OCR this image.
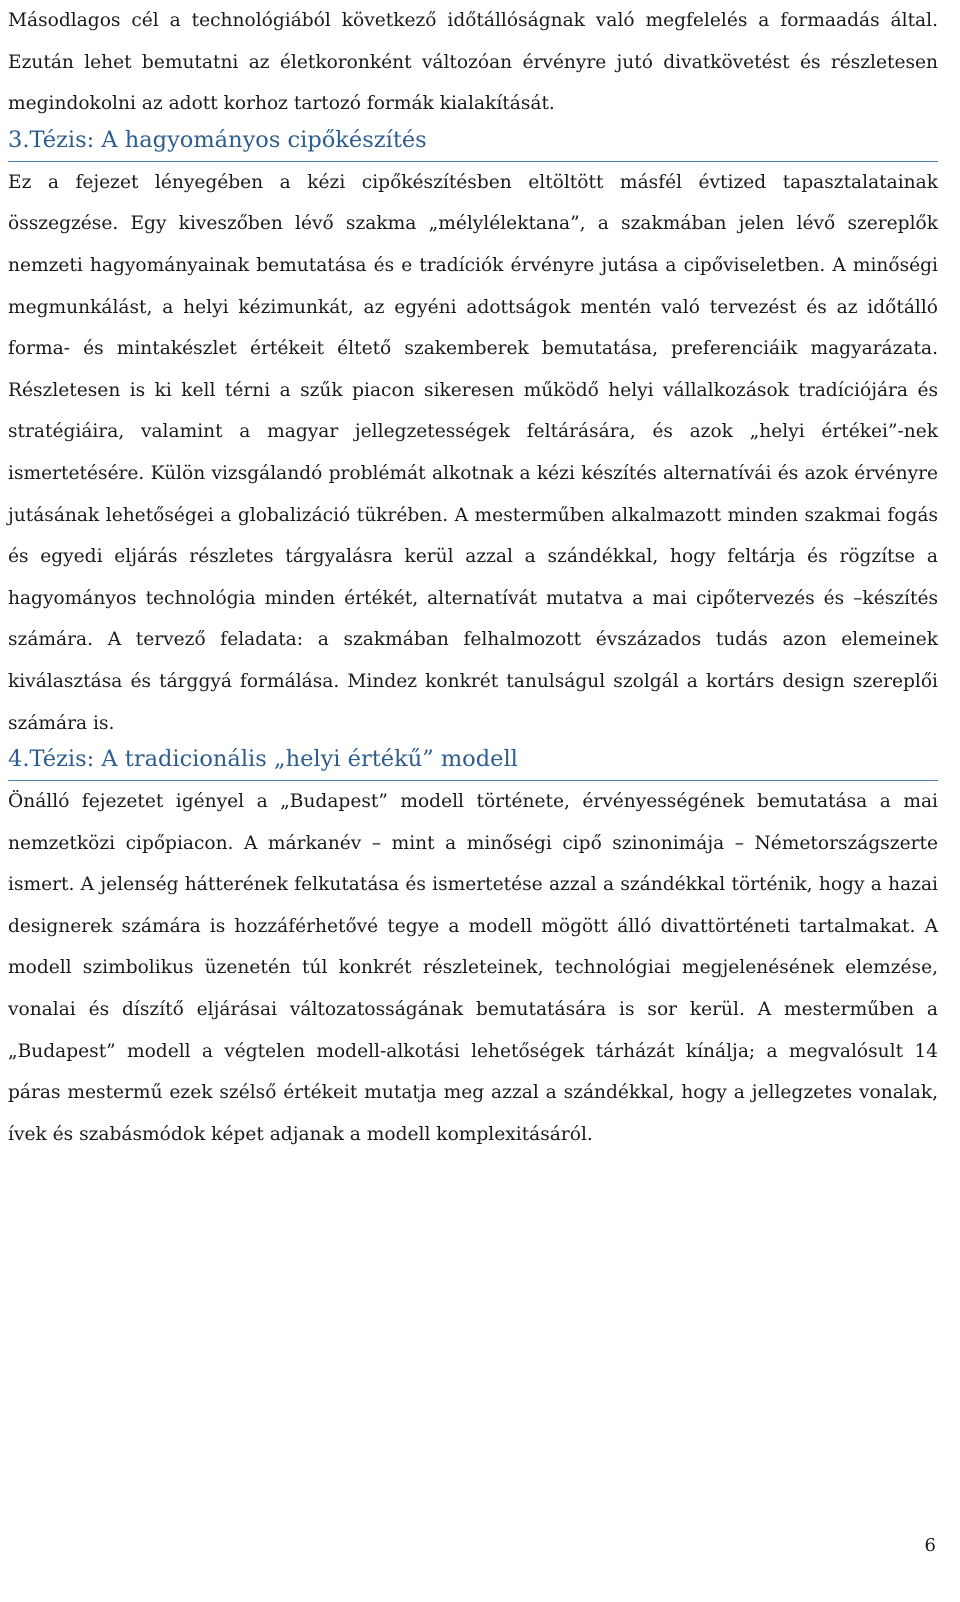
Másodlagos cél a technológiából következő időtállóságnak való megfelelés a formaadás által. Ezután lehet bemutatni az életkoronként változóan érvényre jutó divatkövetést és részletesen megindokolni az adott korhoz tartozó formák kialakítását.

3.Tézis: A hagyományos cipőkészítés

Ez a fejezet lényegében a kézi cipőkészítésben eltöltött másfél évtized tapasztalatainak összegzése. Egy kiveszőben lévő szakma „mélylélektana”, a szakmában jelen lévő szereplők nemzeti hagyományainak bemutatása és e tradíciók érvényre jutása a cipőviseletben. A minőségi megmunkálást, a helyi kézimunkát, az egyéni adottságok mentén való tervezést és az időtálló forma- és mintakészlet értékeit éltető szakemberek bemutatása, preferenciáik magyarázata. Részletesen is ki kell térni a szűk piacon sikeresen működő helyi vállalkozások tradíciójára és stratégiáira, valamint a magyar jellegzetességek feltárására, és azok „helyi értékei”-nek ismertetésére. Külön vizsgálandó problémát alkotnak a kézi készítés alternatívái és azok érvényre jutásának lehetőségei a globalizáció tükrében. A mesterműben alkalmazott minden szakmai fogás és egyedi eljárás részletes tárgyalásra kerül azzal a szándékkal, hogy feltárja és rögzítse a hagyományos technológia minden értékét, alternatívát mutatva a mai cipőtervezés és –készítés számára. A tervező feladata: a szakmában felhalmozott évszázados tudás azon elemeinek kiválasztása és tárggyá formálása. Mindez konkrét tanulságul szolgál a kortárs design szereplői számára is.

4.Tézis: A tradicionális „helyi értékű” modell

Önálló fejezetet igényel a „Budapest” modell története, érvényességének bemutatása a mai nemzetközi cipőpiacon. A márkanév – mint a minőségi cipő szinonimája – Németországszerte ismert. A jelenség hátterének felkutatása és ismertetése azzal a szándékkal történik, hogy a hazai designerek számára is hozzáférhetővé tegye a modell mögött álló divattörténeti tartalmakat. A modell szimbolikus üzenetén túl konkrét részleteinek, technológiai megjelenésének elemzése, vonalai és díszítő eljárásai változatosságának bemutatására is sor kerül. A mesterműben a „Budapest” modell a végtelen modell-alkotási lehetőségek tárházát kínálja; a megvalósult 14 páras mestermű ezek szélső értékeit mutatja meg azzal a szándékkal, hogy a jellegzetes vonalak, ívek és szabásmódok képet adjanak a modell komplexitásáról.

6
